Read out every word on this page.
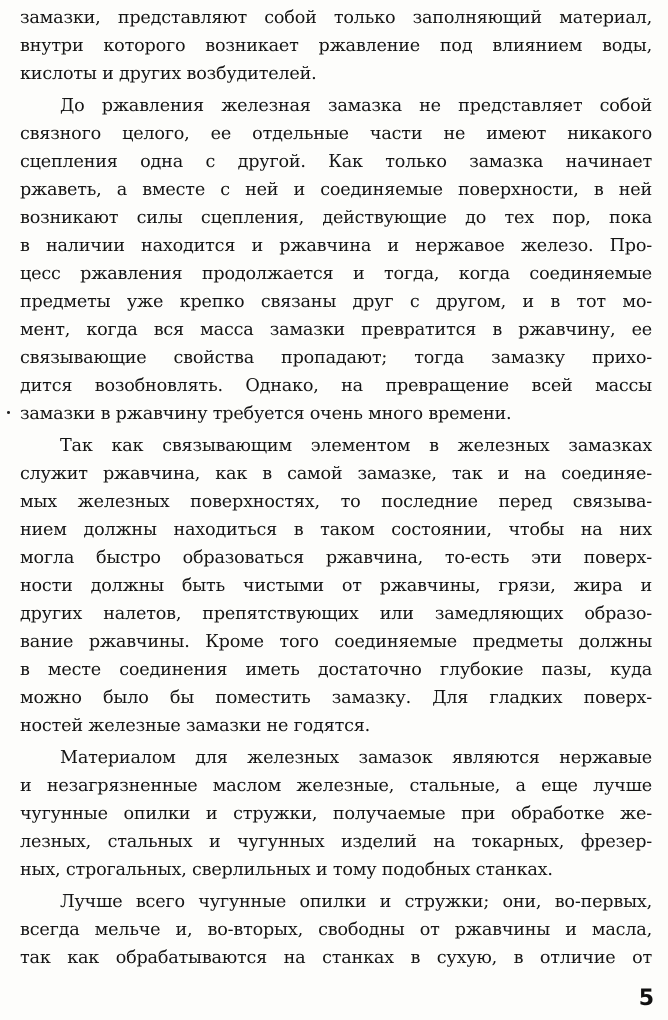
замазки, представляют собой только заполняющий материал,
внутри которого возникает ржавление под влиянием воды,
кислоты и других возбудителей.
До ржавления железная замазка не представляет собой
связного целого, ее отдельные части не имеют никакого
сцепления одна с другой. Как только замазка начинает
ржаветь, а вместе с ней и соединяемые поверхности, в ней
возникают силы сцепления, действующие до тех пор, пока
в наличии находится и ржавчина и нержавое железо. Про-
цесс ржавления продолжается и тогда, когда соединяемые
предметы уже крепко связаны друг с другом, и в тот мо-
мент, когда вся масса замазки превратится в ржавчину, ее
связывающие свойства пропадают; тогда замазку прихо-
дится возобновлять. Однако, на превращение всей массы
замазки в ржавчину требуется очень много времени.
Так как связывающим элементом в железных замазках
служит ржавчина, как в самой замазке, так и на соединяе-
мых железных поверхностях, то последние перед связыва-
нием должны находиться в таком состоянии, чтобы на них
могла быстро образоваться ржавчина, то-есть эти поверх-
ности должны быть чистыми от ржавчины, грязи, жира и
других налетов, препятствующих или замедляющих образо-
вание ржавчины. Кроме того соединяемые предметы должны
в месте соединения иметь достаточно глубокие пазы, куда
можно было бы поместить замазку. Для гладких поверх-
ностей железные замазки не годятся.
Материалом для железных замазок являются нержавые
и незагрязненные маслом железные, стальные, а еще лучше
чугунные опилки и стружки, получаемые при обработке же-
лезных, стальных и чугунных изделий на токарных, фрезер-
ных, строгальных, сверлильных и тому подобных станках.
Лучше всего чугунные опилки и стружки; они, во-первых,
всегда мельче и, во-вторых, свободны от ржавчины и масла,
так как обрабатываются на станках в сухую, в отличие от
5
